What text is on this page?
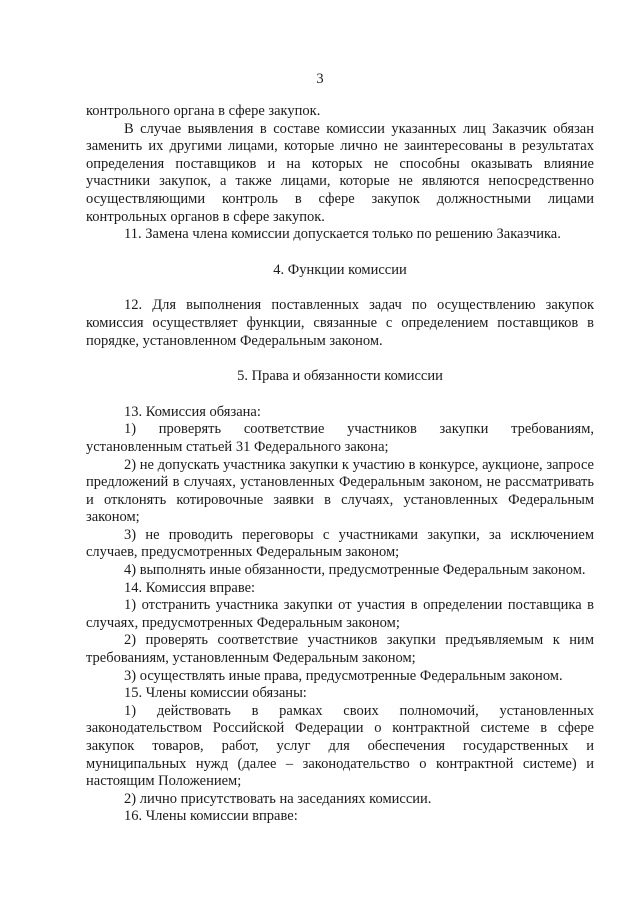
3

контрольного органа в сфере закупок.

В случае выявления в составе комиссии указанных лиц Заказчик обязан заменить их другими лицами, которые лично не заинтересованы в результатах определения поставщиков и на которых не способны оказывать влияние участники закупок, а также лицами, которые не являются непосредственно осуществляющими контроль в сфере закупок должностными лицами контрольных органов в сфере закупок.

11. Замена члена комиссии допускается только по решению Заказчика.

4. Функции комиссии

12. Для выполнения поставленных задач по осуществлению закупок комиссия осуществляет функции, связанные с определением поставщиков в порядке, установленном Федеральным законом.

5. Права и обязанности комиссии

13. Комиссия обязана:

1) проверять соответствие участников закупки требованиям, установленным статьей 31 Федерального закона;

2) не допускать участника закупки к участию в конкурсе, аукционе, запросе предложений в случаях, установленных Федеральным законом, не рассматривать и отклонять котировочные заявки в случаях, установленных Федеральным законом;

3) не проводить переговоры с участниками закупки, за исключением случаев, предусмотренных Федеральным законом;

4) выполнять иные обязанности, предусмотренные Федеральным законом.

14. Комиссия вправе:

1) отстранить участника закупки от участия в определении поставщика в случаях, предусмотренных Федеральным законом;

2) проверять соответствие участников закупки предъявляемым к ним требованиям, установленным Федеральным законом;

3) осуществлять иные права, предусмотренные Федеральным законом.

15. Члены комиссии обязаны:

1) действовать в рамках своих полномочий, установленных законодательством Российской Федерации о контрактной системе в сфере закупок товаров, работ, услуг для обеспечения государственных и муниципальных нужд (далее – законодательство о контрактной системе) и настоящим Положением;

2) лично присутствовать на заседаниях комиссии.

16. Члены комиссии вправе:
